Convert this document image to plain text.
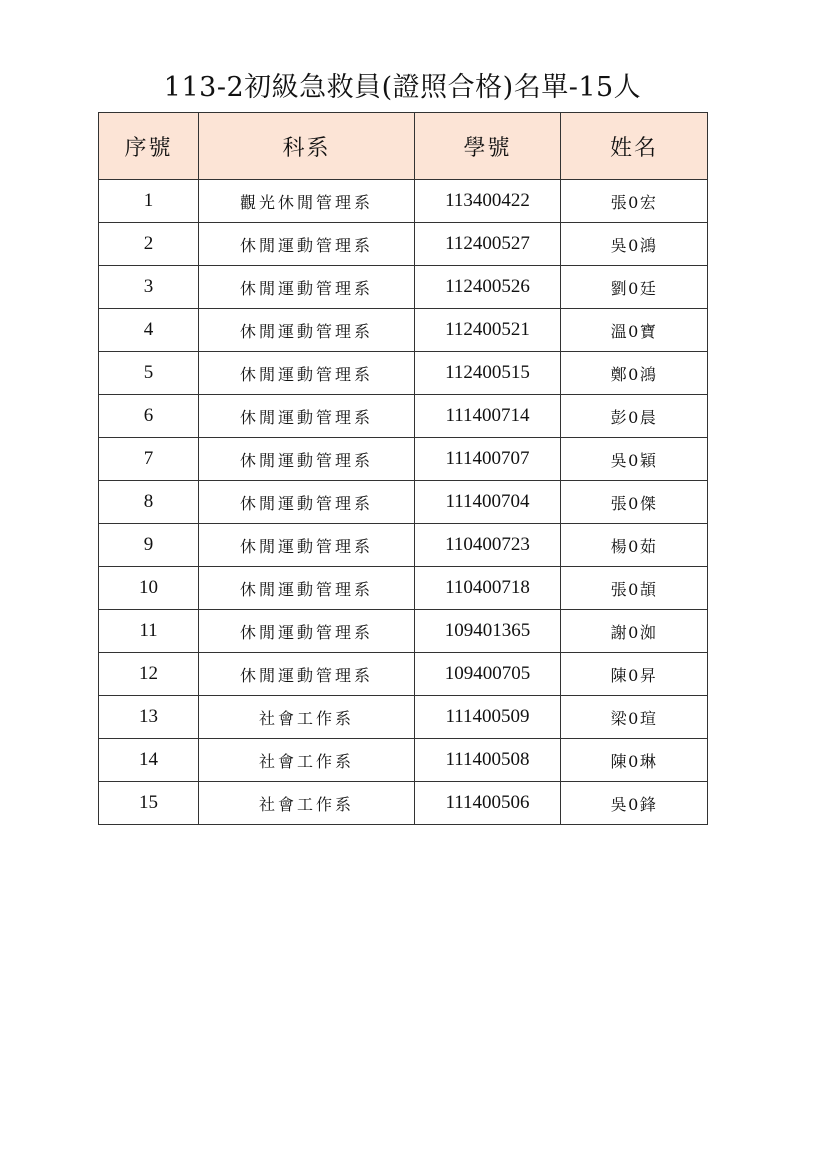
113-2初級急救員(證照合格)名單-15人
序號	科系	學號	姓名
1	觀光休閒管理系	113400422	張0宏
2	休閒運動管理系	112400527	吳0鴻
3	休閒運動管理系	112400526	劉0廷
4	休閒運動管理系	112400521	溫0寶
5	休閒運動管理系	112400515	鄭0鴻
6	休閒運動管理系	111400714	彭0晨
7	休閒運動管理系	111400707	吳0穎
8	休閒運動管理系	111400704	張0傑
9	休閒運動管理系	110400723	楊0茹
10	休閒運動管理系	110400718	張0頡
11	休閒運動管理系	109401365	謝0洳
12	休閒運動管理系	109400705	陳0昇
13	社會工作系	111400509	梁0瑄
14	社會工作系	111400508	陳0琳
15	社會工作系	111400506	吳0鋒
